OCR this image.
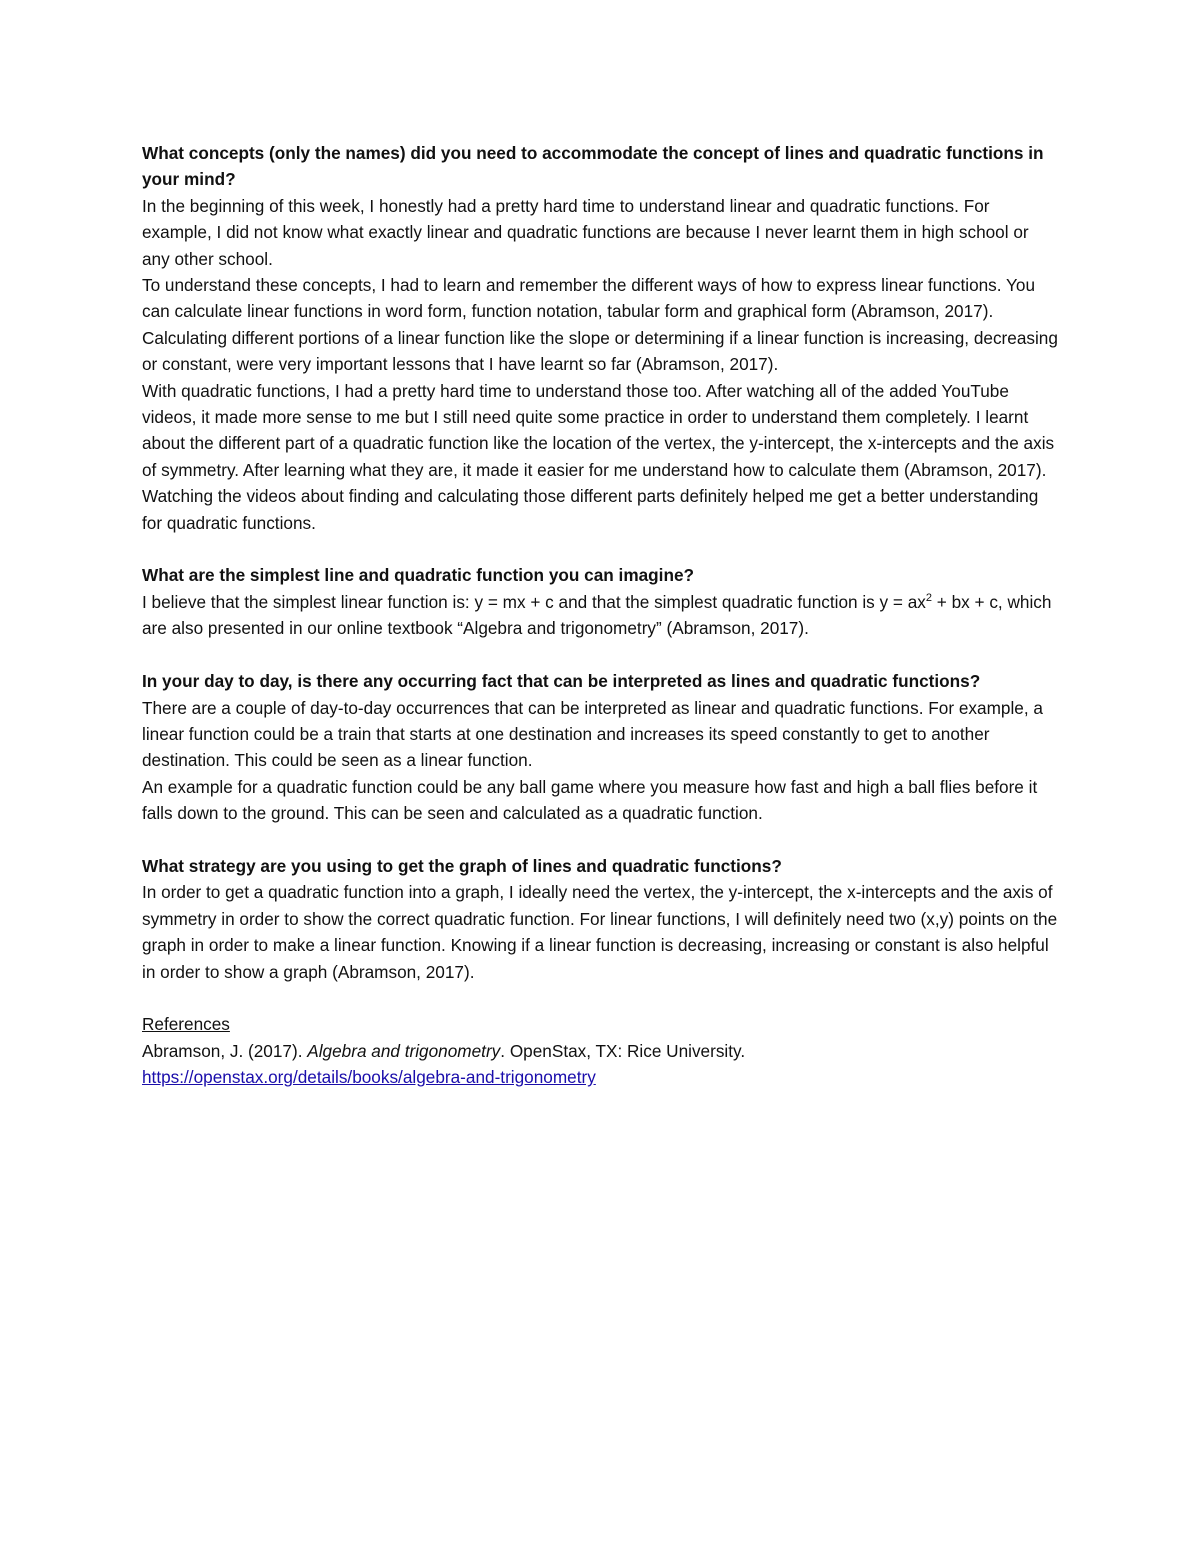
What concepts (only the names) did you need to accommodate the concept of lines and quadratic functions in your mind?

In the beginning of this week, I honestly had a pretty hard time to understand linear and quadratic functions. For example, I did not know what exactly linear and quadratic functions are because I never learnt them in high school or any other school.

To understand these concepts, I had to learn and remember the different ways of how to express linear functions. You can calculate linear functions in word form, function notation, tabular form and graphical form (Abramson, 2017). Calculating different portions of a linear function like the slope or determining if a linear function is increasing, decreasing or constant, were very important lessons that I have learnt so far (Abramson, 2017).

With quadratic functions, I had a pretty hard time to understand those too. After watching all of the added YouTube videos, it made more sense to me but I still need quite some practice in order to understand them completely. I learnt about the different part of a quadratic function like the location of the vertex, the y-intercept, the x-intercepts and the axis of symmetry. After learning what they are, it made it easier for me understand how to calculate them (Abramson, 2017). Watching the videos about finding and calculating those different parts definitely helped me get a better understanding for quadratic functions.

What are the simplest line and quadratic function you can imagine?

I believe that the simplest linear function is: y = mx + c and that the simplest quadratic function is $y = ax^2$ + bx + c, which are also presented in our online textbook “Algebra and trigonometry” (Abramson, 2017).

In your day to day, is there any occurring fact that can be interpreted as lines and quadratic functions?

There are a couple of day-to-day occurrences that can be interpreted as linear and quadratic functions. For example, a linear function could be a train that starts at one destination and increases its speed constantly to get to another destination. This could be seen as a linear function.

An example for a quadratic function could be any ball game where you measure how fast and high a ball flies before it falls down to the ground. This can be seen and calculated as a quadratic function.

What strategy are you using to get the graph of lines and quadratic functions?

In order to get a quadratic function into a graph, I ideally need the vertex, the y-intercept, the x-intercepts and the axis of symmetry in order to show the correct quadratic function. For linear functions, I will definitely need two (x,y) points on the graph in order to make a linear function. Knowing if a linear function is decreasing, increasing or constant is also helpful in order to show a graph (Abramson, 2017).

References

Abramson, J. (2017). Algebra and trigonometry. OpenStax, TX: Rice University.

https://openstax.org/details/books/algebra-and-trigonometry
